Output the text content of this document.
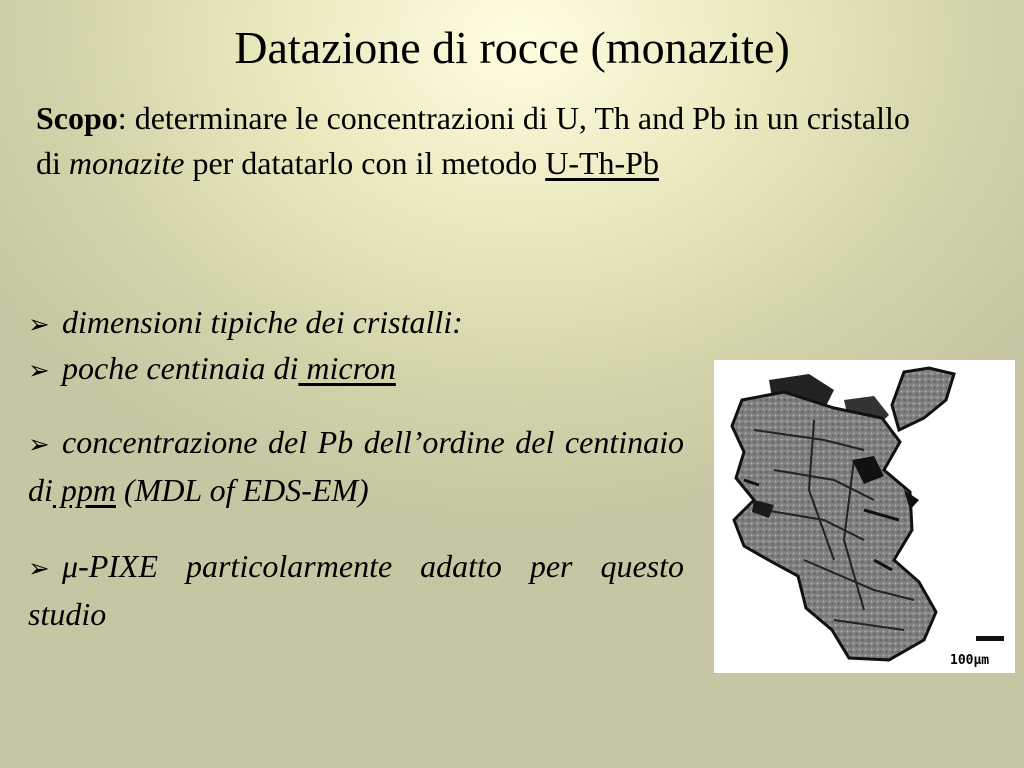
Datazione di rocce (monazite)
Scopo: determinare le concentrazioni di U, Th and Pb in un cristallo di monazite per datatarlo con il metodo U-Th-Pb

➢ dimensioni tipiche dei cristalli:

➢ poche centinaia di micron

➢ concentrazione del Pb dell’ordine del centinaio di ppm (MDL of EDS-EM)

➢ μ-PIXE particolarmente adatto per questo studio

100µm
